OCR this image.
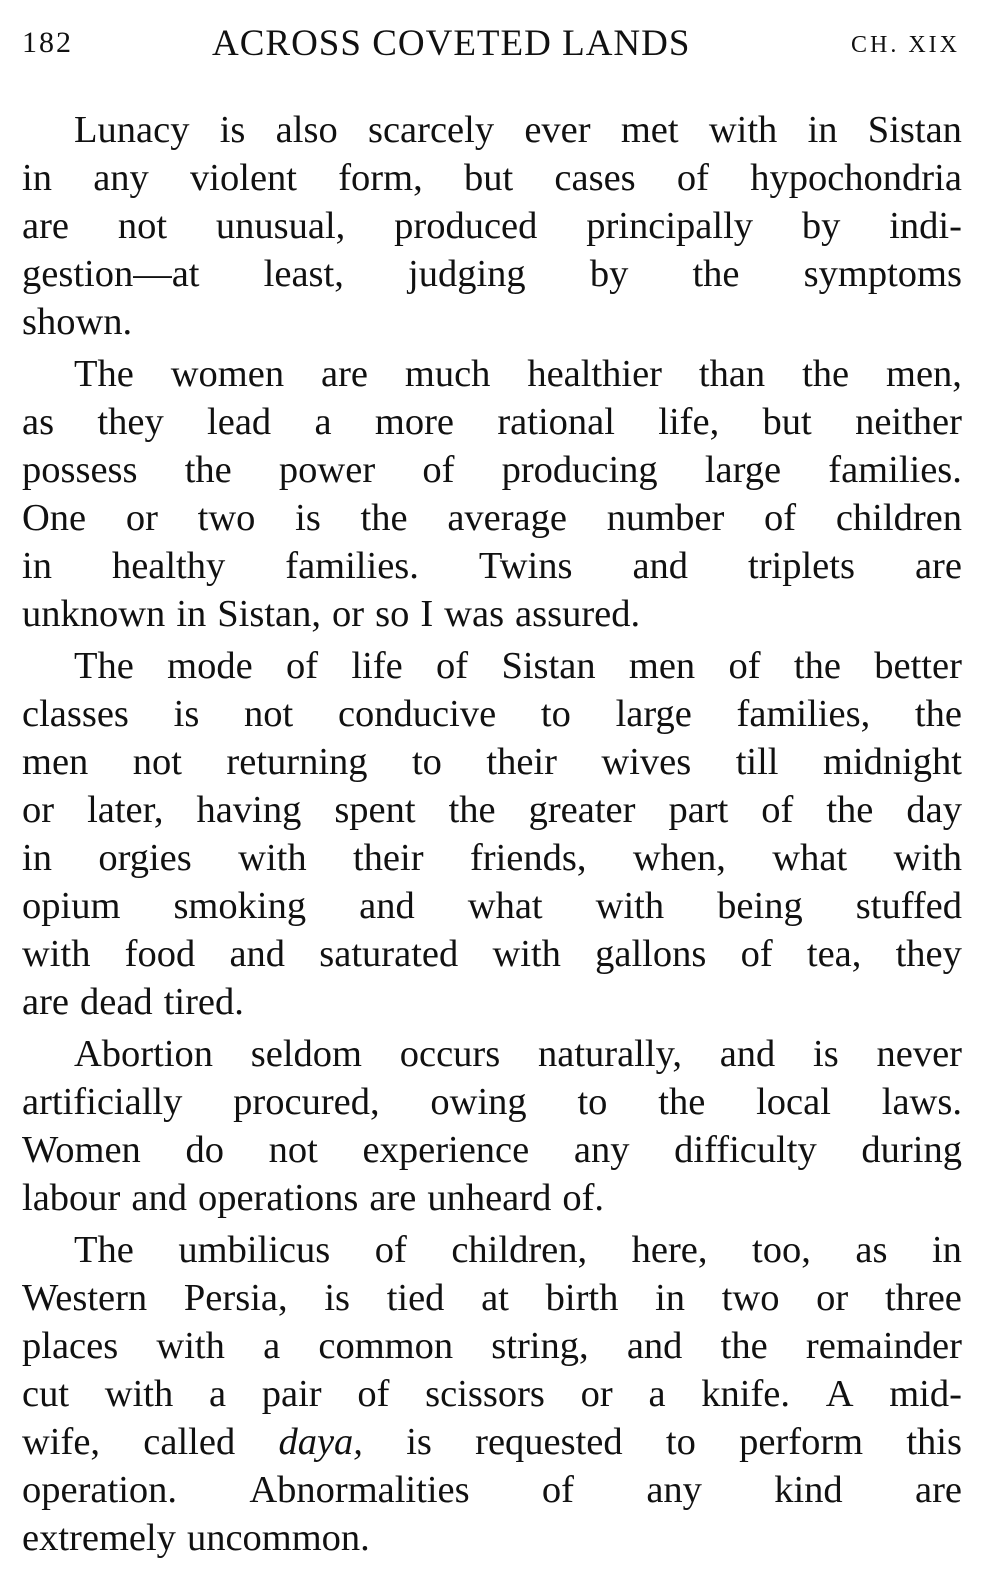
182	ACROSS COVETED LANDS	CH. XIX
Lunacy is also scarcely ever met with in Sistan
in any violent form, but cases of hypochondria
are not unusual, produced principally by indi-
gestion—at least, judging by the symptoms
shown.
The women are much healthier than the men,
as they lead a more rational life, but neither
possess the power of producing large families.
One or two is the average number of children
in healthy families. Twins and triplets are
unknown in Sistan, or so I was assured.
The mode of life of Sistan men of the better
classes is not conducive to large families, the
men not returning to their wives till midnight
or later, having spent the greater part of the day
in orgies with their friends, when, what with
opium smoking and what with being stuffed
with food and saturated with gallons of tea, they
are dead tired.
Abortion seldom occurs naturally, and is never
artificially procured, owing to the local laws.
Women do not experience any difficulty during
labour and operations are unheard of.
The umbilicus of children, here, too, as in
Western Persia, is tied at birth in two or three
places with a common string, and the remainder
cut with a pair of scissors or a knife. A mid-
wife, called daya, is requested to perform this
operation. Abnormalities of any kind are
extremely uncommon.
